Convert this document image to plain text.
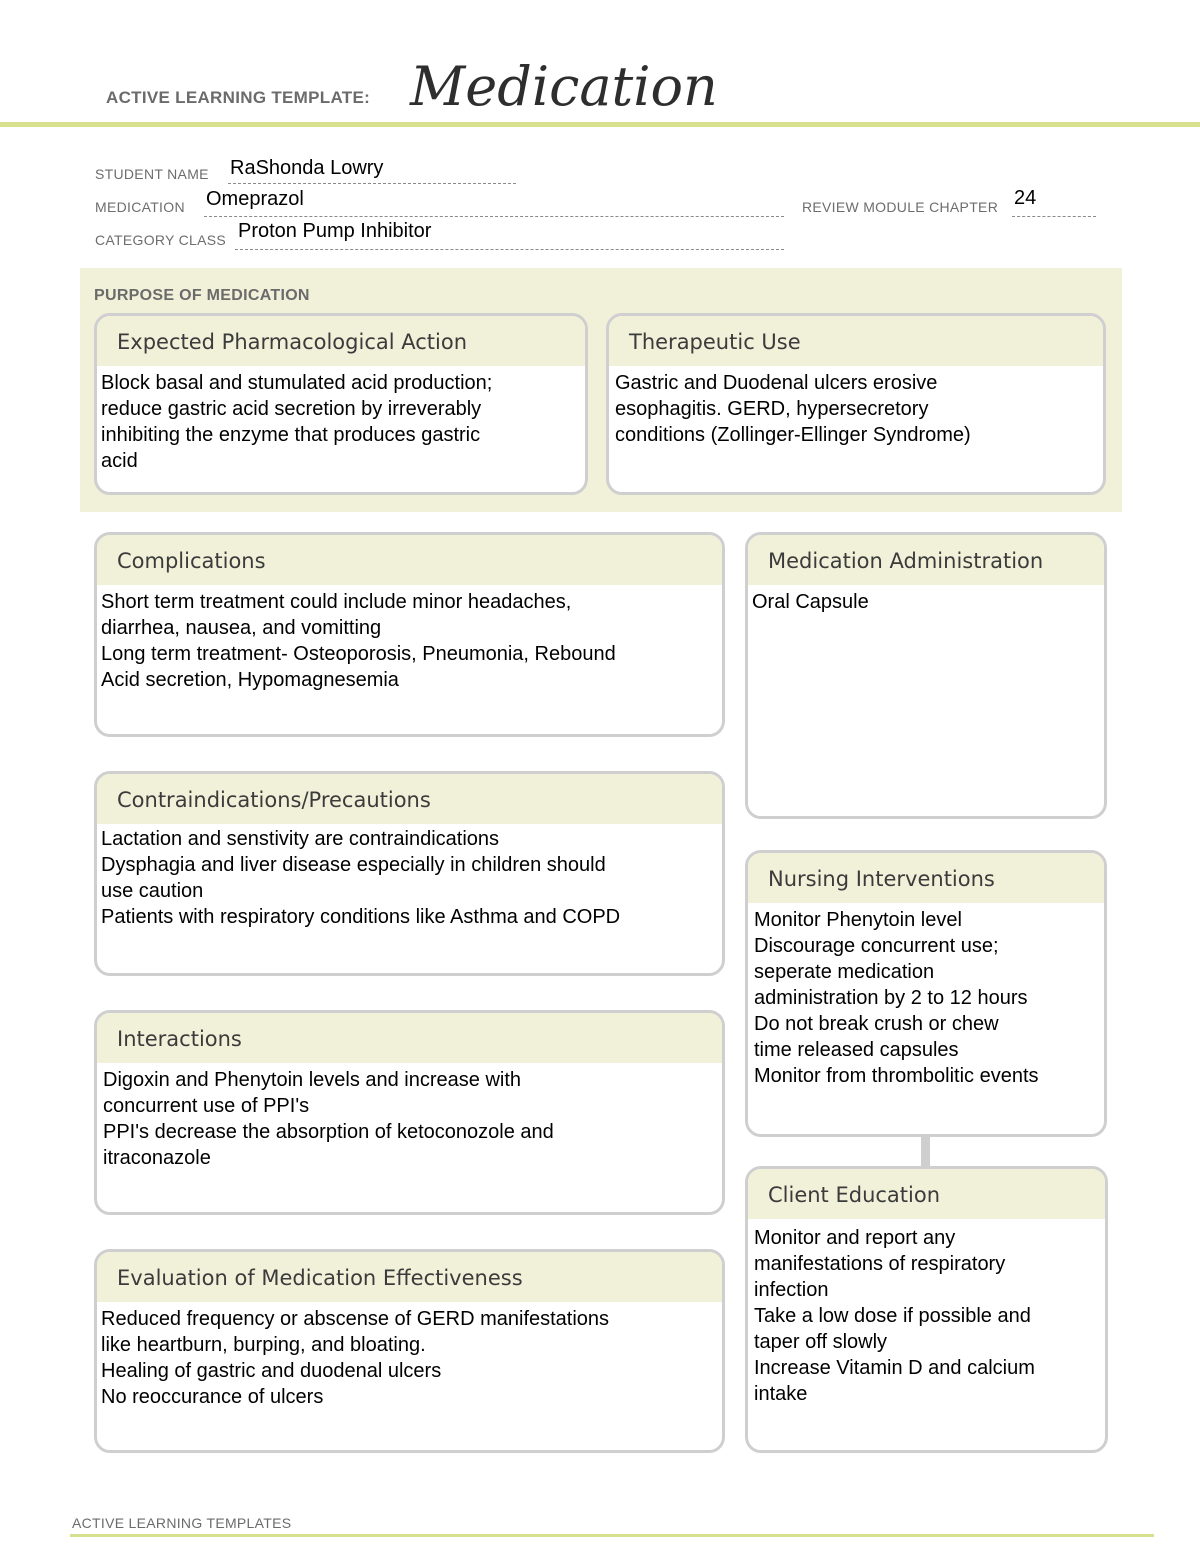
ACTIVE LEARNING TEMPLATE: Medication
STUDENT NAME RaShonda Lowry
MEDICATION Omeprazol	REVIEW MODULE CHAPTER 24
CATEGORY CLASS Proton Pump Inhibitor
PURPOSE OF MEDICATION
Expected Pharmacological Action
Block basal and stumulated acid production;
reduce gastric acid secretion by irreverably
inhibiting the enzyme that produces gastric
acid
Therapeutic Use
Gastric and Duodenal ulcers erosive
esophagitis. GERD, hypersecretory
conditions (Zollinger-Ellinger Syndrome)
Complications
Short term treatment could include minor headaches,
diarrhea, nausea, and vomitting
Long term treatment- Osteoporosis, Pneumonia, Rebound
Acid secretion, Hypomagnesemia
Medication Administration
Oral Capsule
Contraindications/Precautions
Lactation and senstivity are contraindications
Dysphagia and liver disease especially in children should
use caution
Patients with respiratory conditions like Asthma and COPD
Nursing Interventions
Monitor Phenytoin level
Discourage concurrent use;
seperate medication
administration by 2 to 12 hours
Do not break crush or chew
time released capsules
Monitor from thrombolitic events
Interactions
Digoxin and Phenytoin levels and increase with
concurrent use of PPI's
PPI's decrease the absorption of ketoconozole and
itraconazole
Client Education
Monitor and report any
manifestations of respiratory
infection
Take a low dose if possible and
taper off slowly
Increase Vitamin D and calcium
intake
Evaluation of Medication Effectiveness
Reduced frequency or abscense of GERD manifestations
like heartburn, burping, and bloating.
Healing of gastric and duodenal ulcers
No reoccurance of ulcers
ACTIVE LEARNING TEMPLATES
